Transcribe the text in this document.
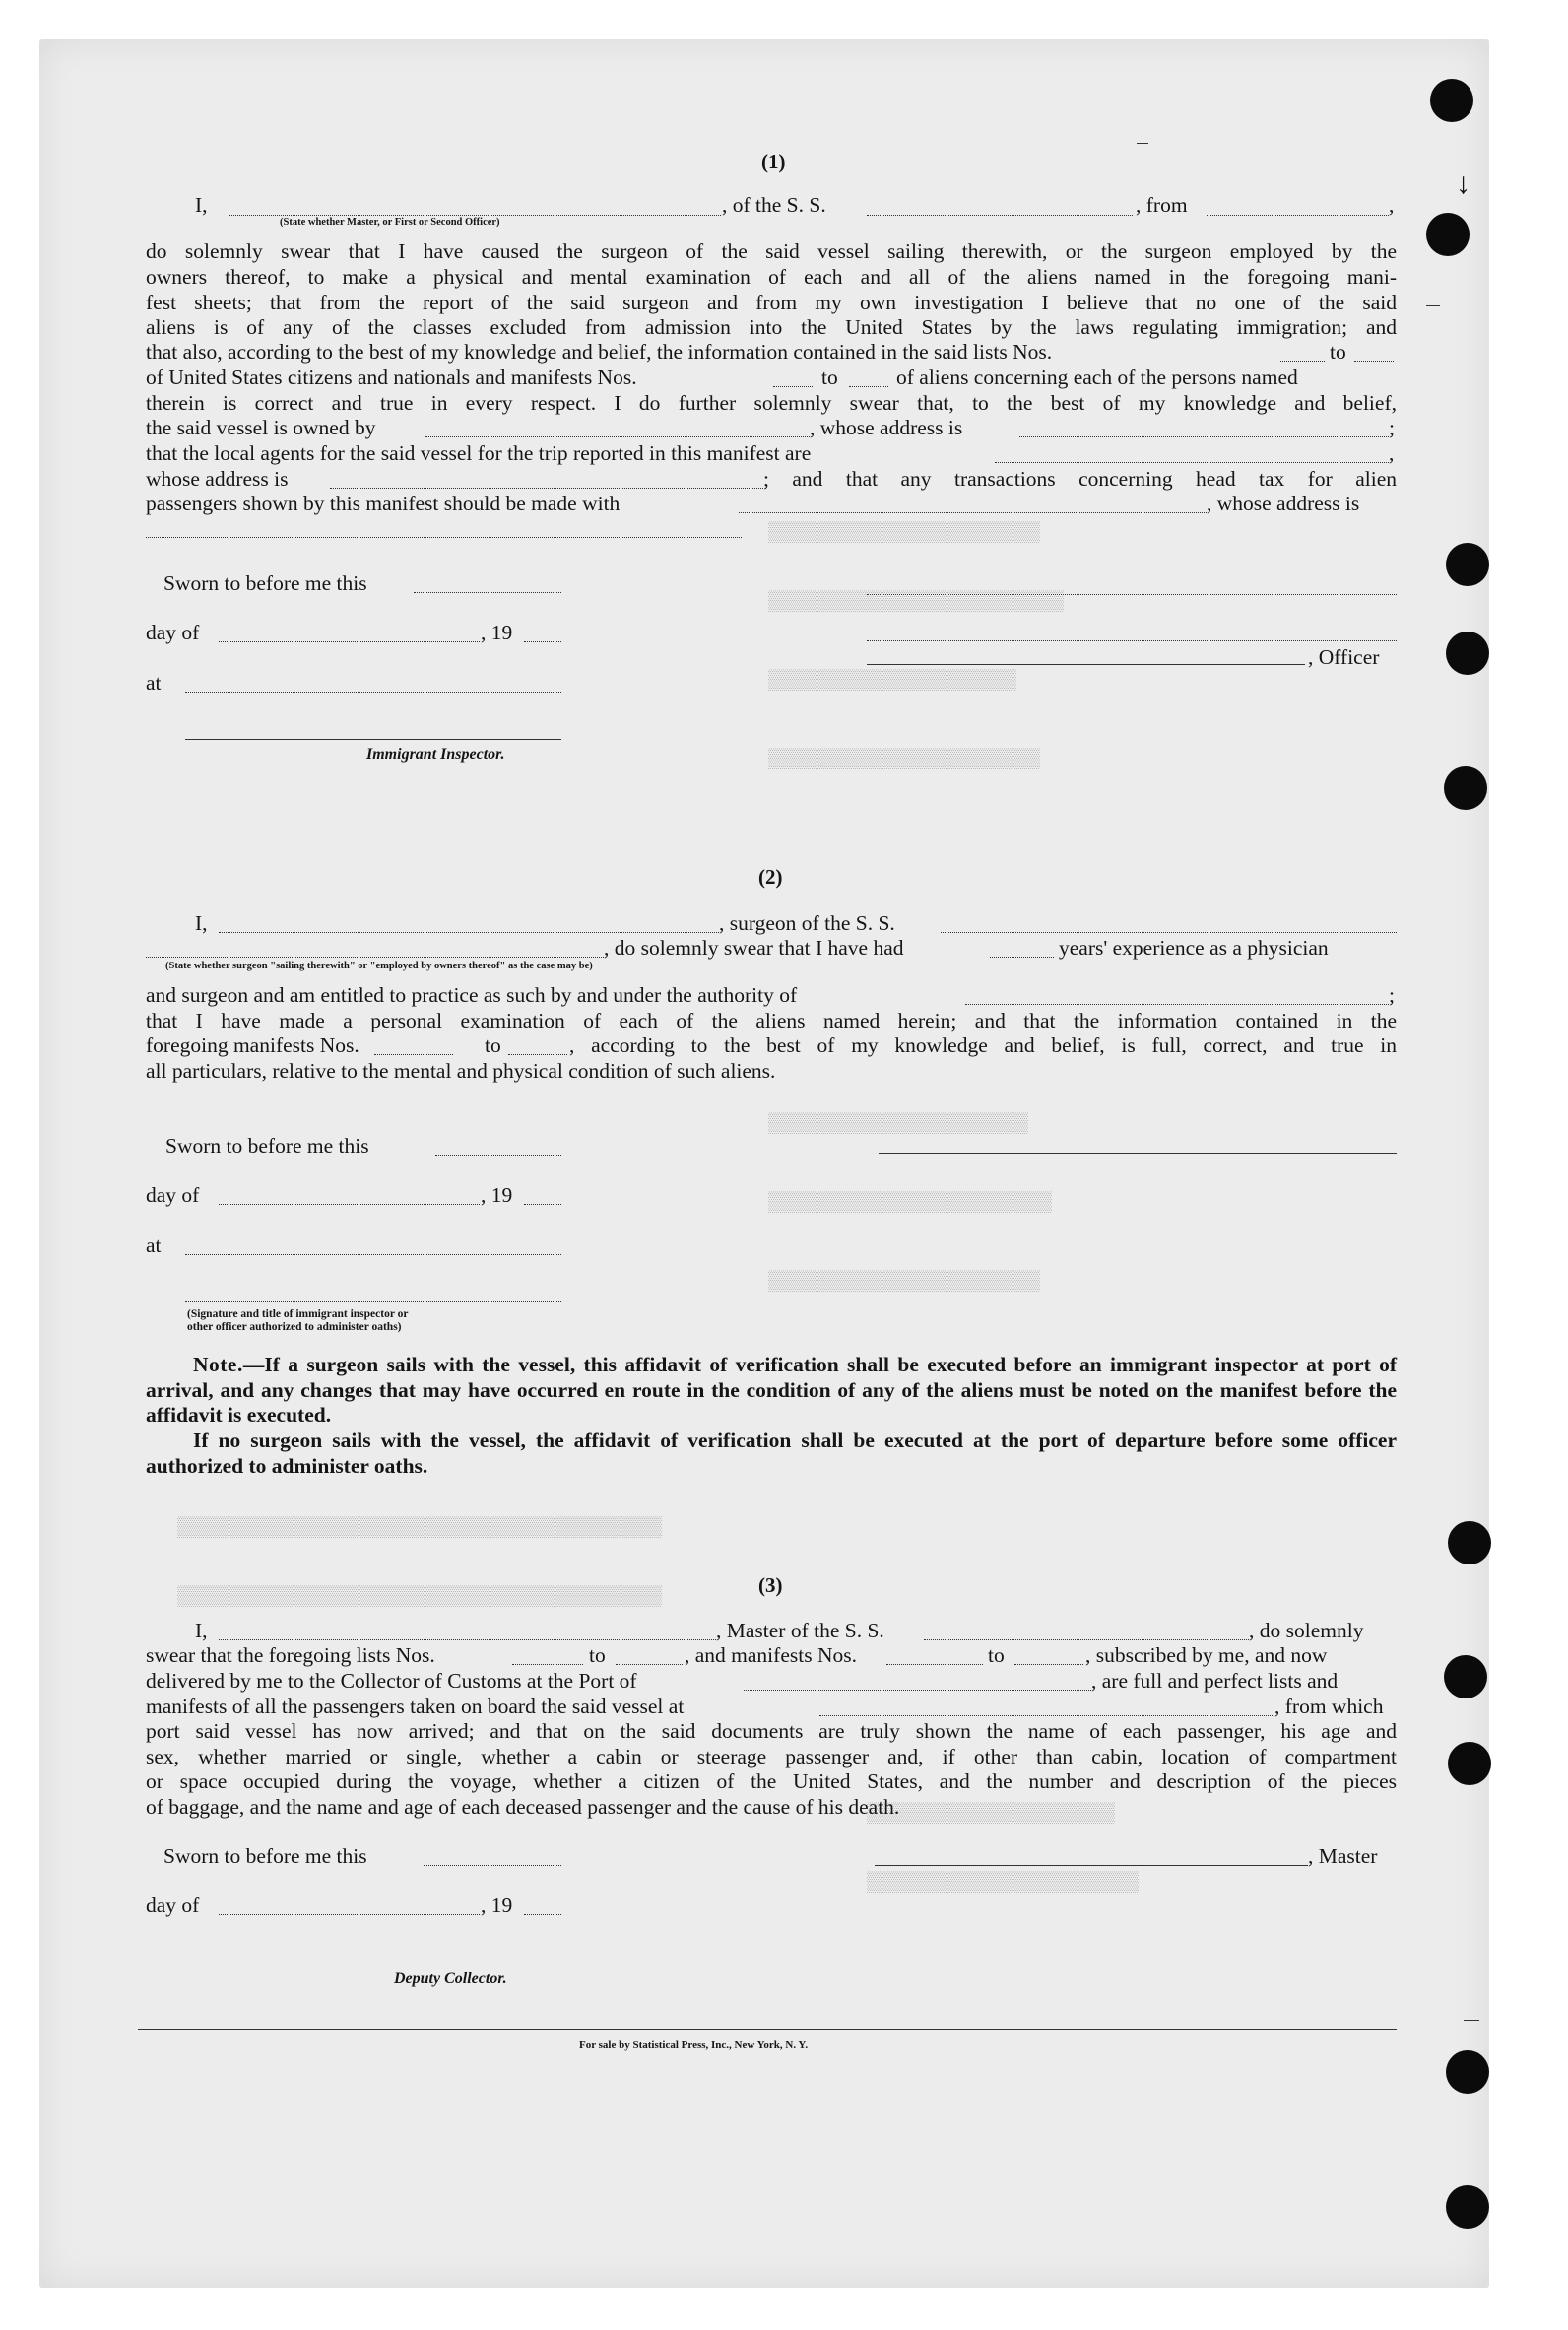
▒▒▒▒▒▒▒▒▒▒▒▒▒▒▒▒▒▒▒▒▒▒▒
▒▒▒▒▒▒▒▒▒▒▒▒▒▒▒▒▒▒▒▒▒▒▒▒▒
▒▒▒▒▒▒▒▒▒▒▒▒▒▒▒▒▒▒▒▒▒
▒▒▒▒▒▒▒▒▒▒▒▒▒▒▒▒▒▒▒▒▒▒▒
▒▒▒▒▒▒▒▒▒▒▒▒▒▒▒▒▒▒▒▒▒▒
▒▒▒▒▒▒▒▒▒▒▒▒▒▒▒▒▒▒▒▒▒▒▒▒
▒▒▒▒▒▒▒▒▒▒▒▒▒▒▒▒▒▒▒▒▒▒▒
▒▒▒▒▒▒▒▒▒▒▒▒▒▒▒▒▒▒▒▒▒▒▒▒▒▒▒▒▒▒▒▒▒▒▒▒▒▒▒▒▒
▒▒▒▒▒▒▒▒▒▒▒▒▒▒▒▒▒▒▒▒▒▒▒▒▒▒▒▒▒▒▒▒▒▒▒▒▒▒▒▒▒
▒▒▒▒▒▒▒▒▒▒▒▒▒▒▒▒▒▒▒▒▒
▒▒▒▒▒▒▒▒▒▒▒▒▒▒▒▒▒▒▒▒▒▒▒
(1)
I,	, of the S. S.	, from	,
(State whether Master, or First or Second Officer)
do solemnly swear that I have caused the surgeon of the said vessel sailing therewith, or the surgeon employed by the
owners thereof, to make a physical and mental examination of each and all of the aliens named in the foregoing mani-
fest sheets; that from the report of the said surgeon and from my own investigation I believe that no one of the said
aliens is of any of the classes excluded from admission into the United States by the laws regulating immigration; and
that also, according to the best of my knowledge and belief, the information contained in the said lists Nos.	to
of United States citizens and nationals and manifests Nos.	to	of aliens concerning each of the persons named
therein is correct and true in every respect. I do further solemnly swear that, to the best of my knowledge and belief,
the said vessel is owned by	, whose address is	;
that the local agents for the said vessel for the trip reported in this manifest are	,
whose address is	; and that any transactions concerning head tax for alien
passengers shown by this manifest should be made with	, whose address is
Sworn to before me this
day of	, 19
at
Immigrant Inspector.
, Officer
(2)
I,	, surgeon of the S. S.
, do solemnly swear that I have had	years' experience as a physician
(State whether surgeon "sailing therewith" or "employed by owners thereof" as the case may be)
and surgeon and am entitled to practice as such by and under the authority of	;
that I have made a personal examination of each of the aliens named herein; and that the information contained in the
foregoing manifests Nos.	to	, according to the best of my knowledge and belief, is full, correct, and true in
all particulars, relative to the mental and physical condition of such aliens.
Sworn to before me this
day of	, 19
at
(Signature and title of immigrant inspector or
other officer authorized to administer oaths)
Note.—If a surgeon sails with the vessel, this affidavit of verification shall be executed before an immigrant inspector at port of arrival, and any changes that may have occurred en route in the condition of any of the aliens must be noted on the manifest before the affidavit is executed.
If no surgeon sails with the vessel, the affidavit of verification shall be executed at the port of departure before some officer authorized to administer oaths.
(3)
I,	, Master of the S. S.	, do solemnly
swear that the foregoing lists Nos.	to	, and manifests Nos.	to	, subscribed by me, and now
delivered by me to the Collector of Customs at the Port of	, are full and perfect lists and
manifests of all the passengers taken on board the said vessel at	, from which
port said vessel has now arrived; and that on the said documents are truly shown the name of each passenger, his age and
sex, whether married or single, whether a cabin or steerage passenger and, if other than cabin, location of compartment
or space occupied during the voyage, whether a citizen of the United States, and the number and description of the pieces
of baggage, and the name and age of each deceased passenger and the cause of his death.
Sworn to before me this	, Master
day of	, 19
Deputy Collector.
For sale by Statistical Press, Inc., New York, N. Y.
↓
